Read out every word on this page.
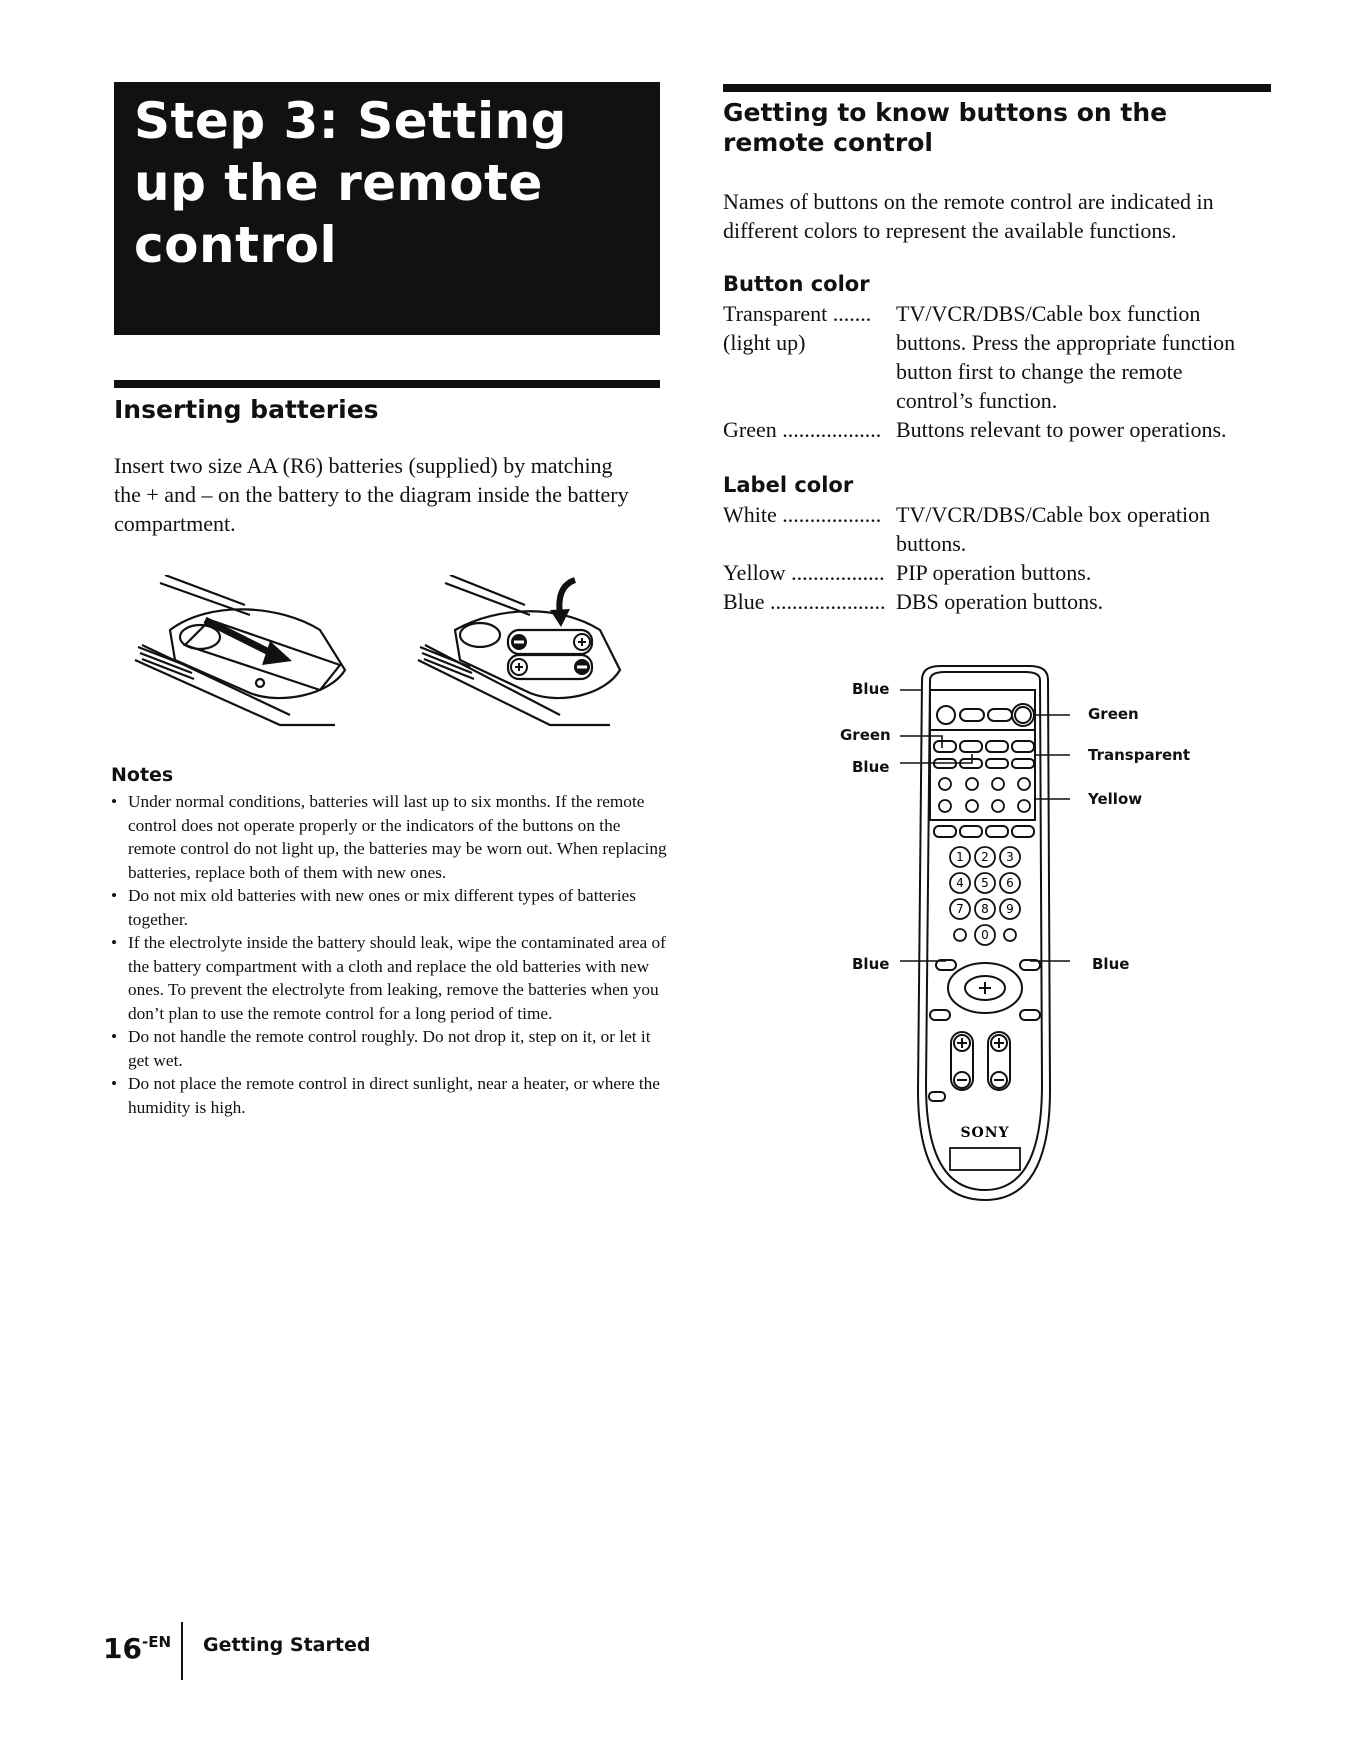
Step 3: Setting up the remote control
Inserting batteries

Insert two size AA (R6) batteries (supplied) by matching the + and – on the battery to the diagram inside the battery compartment.

Notes
• Under normal conditions, batteries will last up to six months. If the remote control does not operate properly or the indicators of the buttons on the remote control do not light up, the batteries may be worn out. When replacing batteries, replace both of them with new ones.
• Do not mix old batteries with new ones or mix different types of batteries together.
• If the electrolyte inside the battery should leak, wipe the contaminated area of the battery compartment with a cloth and replace the old batteries with new ones. To prevent the electrolyte from leaking, remove the batteries when you don’t plan to use the remote control for a long period of time.
• Do not handle the remote control roughly. Do not drop it, step on it, or let it get wet.
• Do not place the remote control in direct sunlight, near a heater, or where the humidity is high.
Getting to know buttons on the remote control

Names of buttons on the remote control are indicated in different colors to represent the available functions.

Button color
Transparent .......
(light up)
TV/VCR/DBS/Cable box function buttons. Press the appropriate function button first to change the remote control’s function.
Green .................. Buttons relevant to power operations.
Label color
White .................. TV/VCR/DBS/Cable box operation buttons.
Yellow ................. PIP operation buttons.
Blue ..................... DBS operation buttons.
1 2 3
4 5 6
7 8 9
0
SONY
Blue
Green
Blue
Blue
Green
Transparent
Yellow
Blue
$16^{-EN}$ Getting Started
